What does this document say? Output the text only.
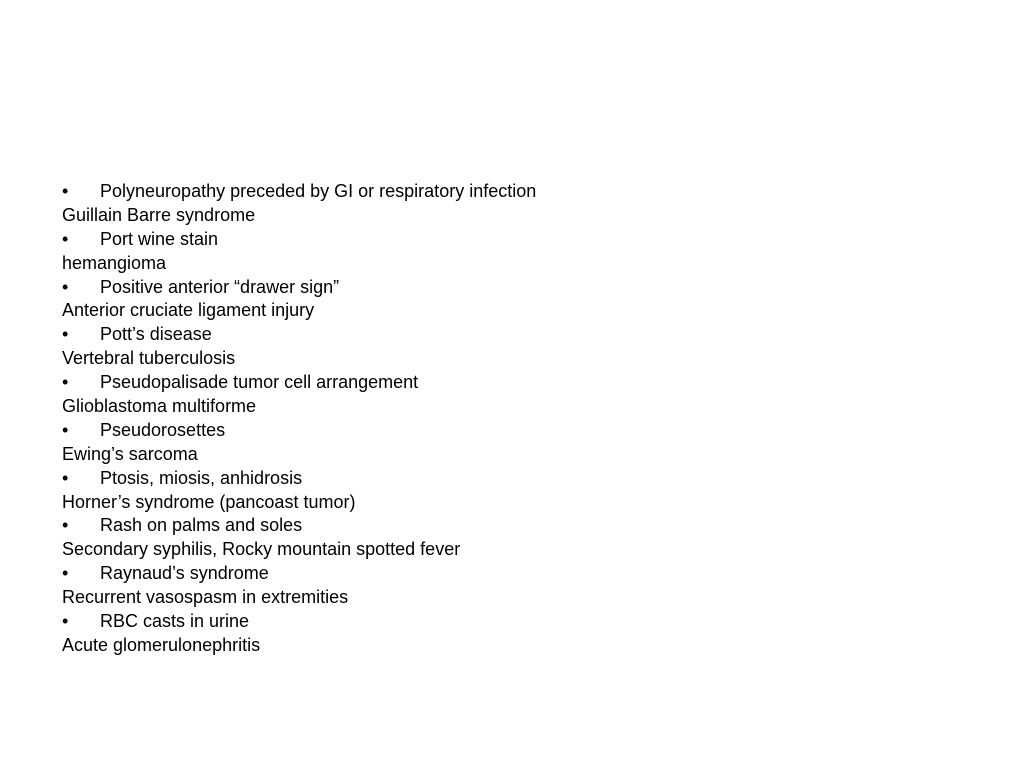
• Polyneuropathy preceded by GI or respiratory infection
Guillain Barre syndrome
• Port wine stain
hemangioma
• Positive anterior “drawer sign”
Anterior cruciate ligament injury
• Pott’s disease
Vertebral tuberculosis
• Pseudopalisade tumor cell arrangement
Glioblastoma multiforme
• Pseudorosettes
Ewing’s sarcoma
• Ptosis, miosis, anhidrosis
Horner’s syndrome (pancoast tumor)
• Rash on palms and soles
Secondary syphilis, Rocky mountain spotted fever
• Raynaud’s syndrome
Recurrent vasospasm in extremities
• RBC casts in urine
Acute glomerulonephritis
